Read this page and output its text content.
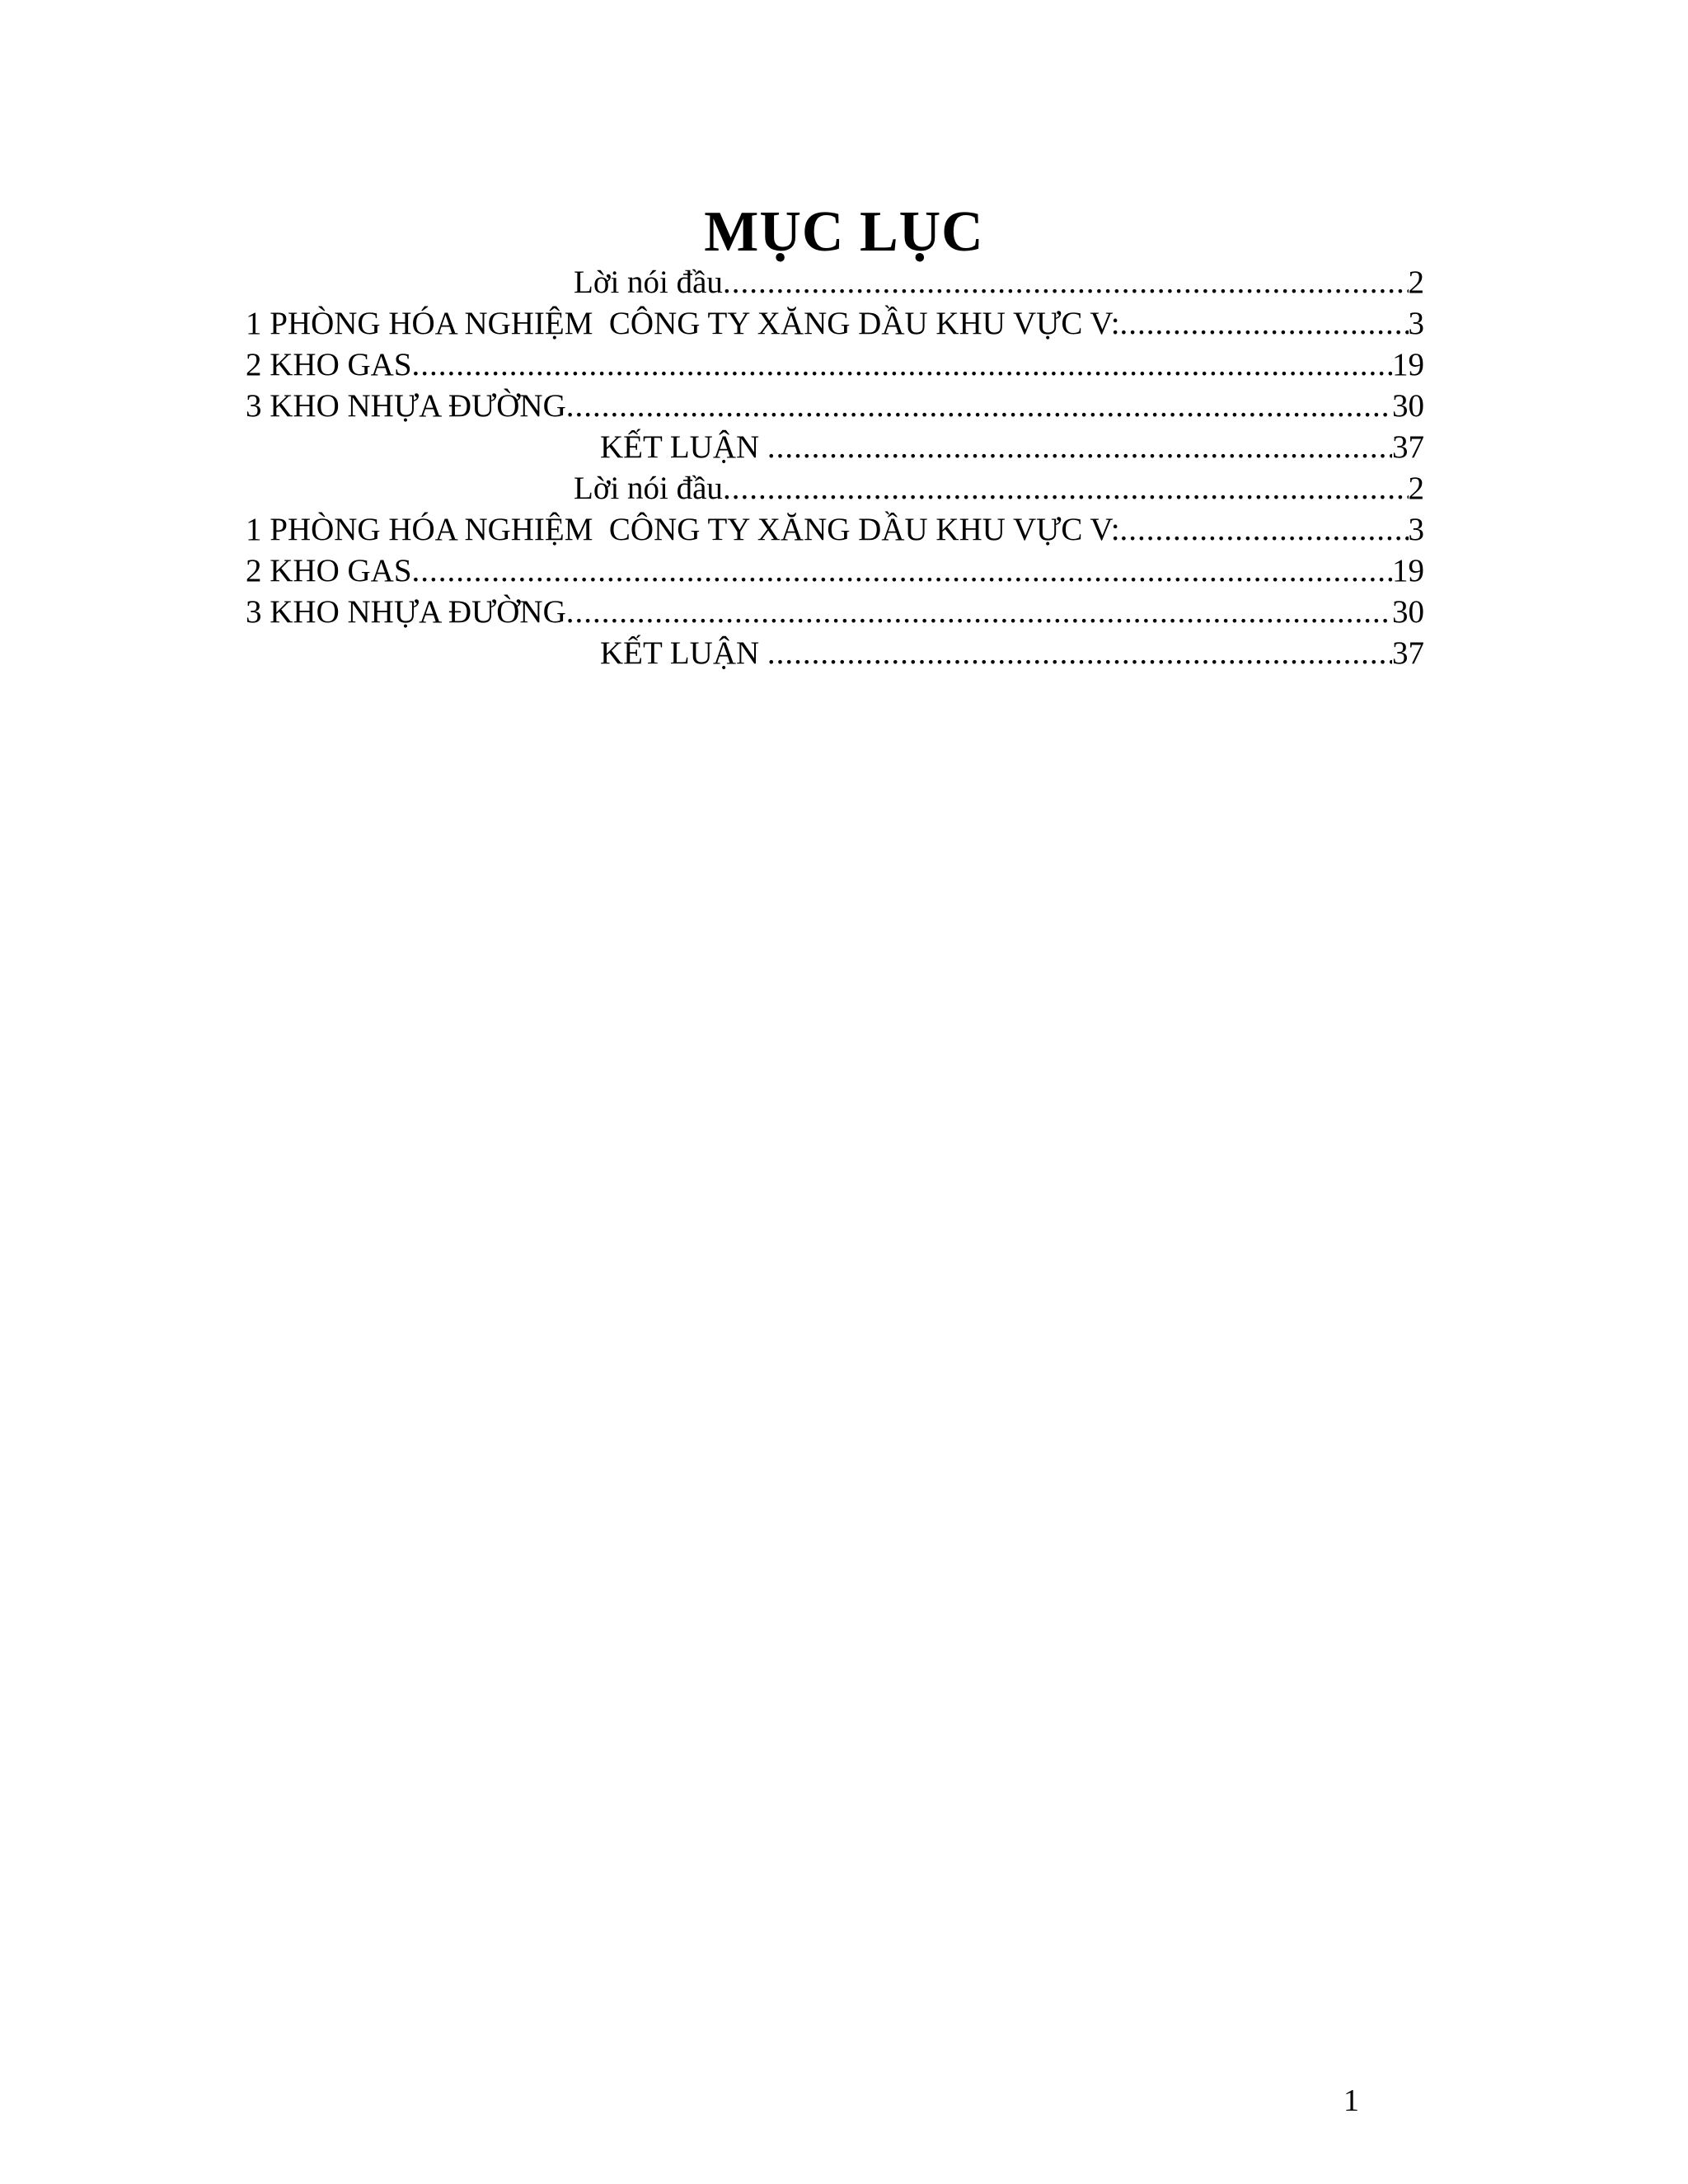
MỤC LỤC
Lời nói đầu .....	2
1 PHÒNG HÓA NGHIỆM  CÔNG TY XĂNG DẦU KHU VỰC V: .....	3
2 KHO GAS .....	19
3 KHO NHỰA ĐƯỜNG .....	30
KẾT LUẬN .....	37
Lời nói đầu .....	2
1 PHÒNG HÓA NGHIỆM  CÔNG TY XĂNG DẦU KHU VỰC V: .....	3
2 KHO GAS .....	19
3 KHO NHỰA ĐƯỜNG .....	30
KẾT LUẬN .....	37

1
